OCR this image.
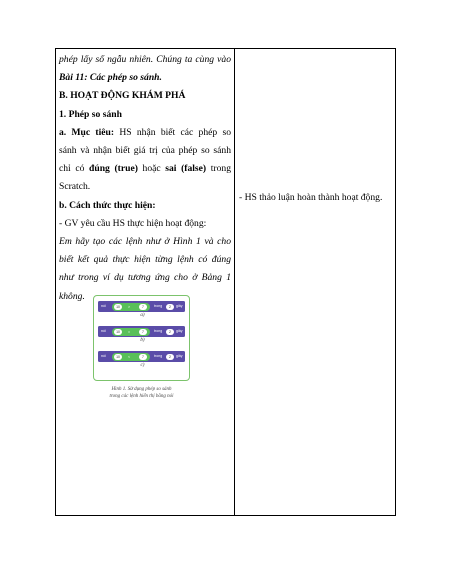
phép lấy số ngẫu nhiên. Chúng ta cùng vào
Bài 11: Các phép so sánh.
B. HOẠT ĐỘNG KHÁM PHÁ
1. Phép so sánh
a. Mục tiêu: HS nhận biết các phép so
sánh và nhận biết giá trị của phép so sánh
chỉ có đúng (true) hoặc sai (false) trong
Scratch.
b. Cách thức thực hiện:
- GV yêu cầu HS thực hiện hoạt động:
Em hãy tạo các lệnh như ở Hình 1 và cho
biết kết quả thực hiện từng lệnh có đúng
như trong ví dụ tương ứng cho ở Bảng 1
không.
- HS thảo luận hoàn thành hoạt động.
nói	10	>	7	trong	2	giây
a)
nói	10	=	7	trong	2	giây
b)
nói	10	<	7	trong	2	giây
c)
Hình 1. Sử dụng phép so sánh
trong các lệnh hiển thị bằng nói
